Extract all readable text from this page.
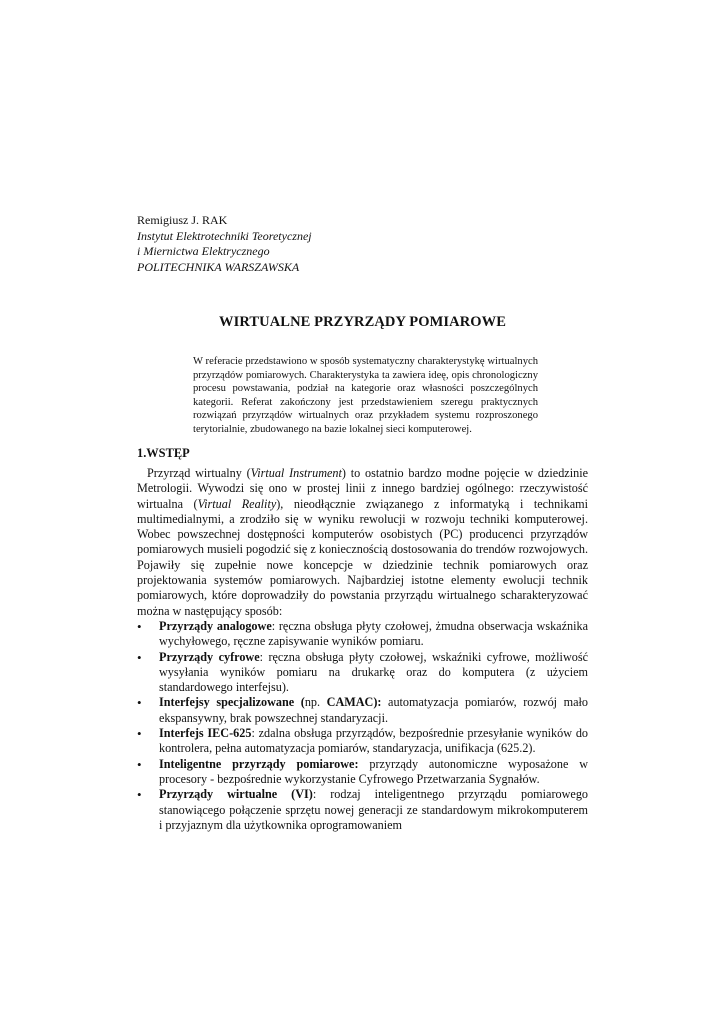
Remigiusz J. RAK
Instytut Elektrotechniki Teoretycznej
i Miernictwa Elektrycznego
POLITECHNIKA WARSZAWSKA
WIRTUALNE PRZYRZĄDY POMIAROWE
W referacie przedstawiono w sposób systematyczny charakterystykę wirtualnych przyrządów pomiarowych. Charakterystyka ta zawiera ideę, opis chronologiczny procesu powstawania, podział na kategorie oraz własności poszczególnych kategorii. Referat zakończony jest przedstawieniem szeregu praktycznych rozwiązań przyrządów wirtualnych oraz przykładem systemu rozproszonego terytorialnie, zbudowanego na bazie lokalnej sieci komputerowej.
1.WSTĘP

Przyrząd wirtualny (Virtual Instrument) to ostatnio bardzo modne pojęcie w dziedzinie Metrologii. Wywodzi się ono w prostej linii z innego bardziej ogólnego: rzeczywistość wirtualna (Virtual Reality), nieodłącznie związanego z informatyką i technikami multimedialnymi, a zrodziło się w wyniku rewolucji w rozwoju techniki komputerowej. Wobec powszechnej dostępności komputerów osobistych (PC) producenci przyrządów pomiarowych musieli pogodzić się z koniecznością dostosowania do trendów rozwojowych. Pojawiły się zupełnie nowe koncepcje w dziedzinie technik pomiarowych oraz projektowania systemów pomiarowych. Najbardziej istotne elementy ewolucji technik pomiarowych, które doprowadziły do powstania przyrządu wirtualnego scharakteryzować można w następujący sposób:

• Przyrządy analogowe: ręczna obsługa płyty czołowej, żmudna obserwacja wskaźnika wychyłowego, ręczne zapisywanie wyników pomiaru.
• Przyrządy cyfrowe: ręczna obsługa płyty czołowej, wskaźniki cyfrowe, możliwość wysyłania wyników pomiaru na drukarkę oraz do komputera (z użyciem standardowego interfejsu).
• Interfejsy specjalizowane (np. CAMAC): automatyzacja pomiarów, rozwój mało ekspansywny, brak powszechnej standaryzacji.
• Interfejs IEC-625: zdalna obsługa przyrządów, bezpośrednie przesyłanie wyników do kontrolera, pełna automatyzacja pomiarów, standaryzacja, unifikacja (625.2).
• Inteligentne przyrządy pomiarowe: przyrządy autonomiczne wyposażone w procesory - bezpośrednie wykorzystanie Cyfrowego Przetwarzania Sygnałów.
• Przyrządy wirtualne (VI): rodzaj inteligentnego przyrządu pomiarowego stanowiącego połączenie sprzętu nowej generacji ze standardowym mikrokomputerem i przyjaznym dla użytkownika oprogramowaniem
